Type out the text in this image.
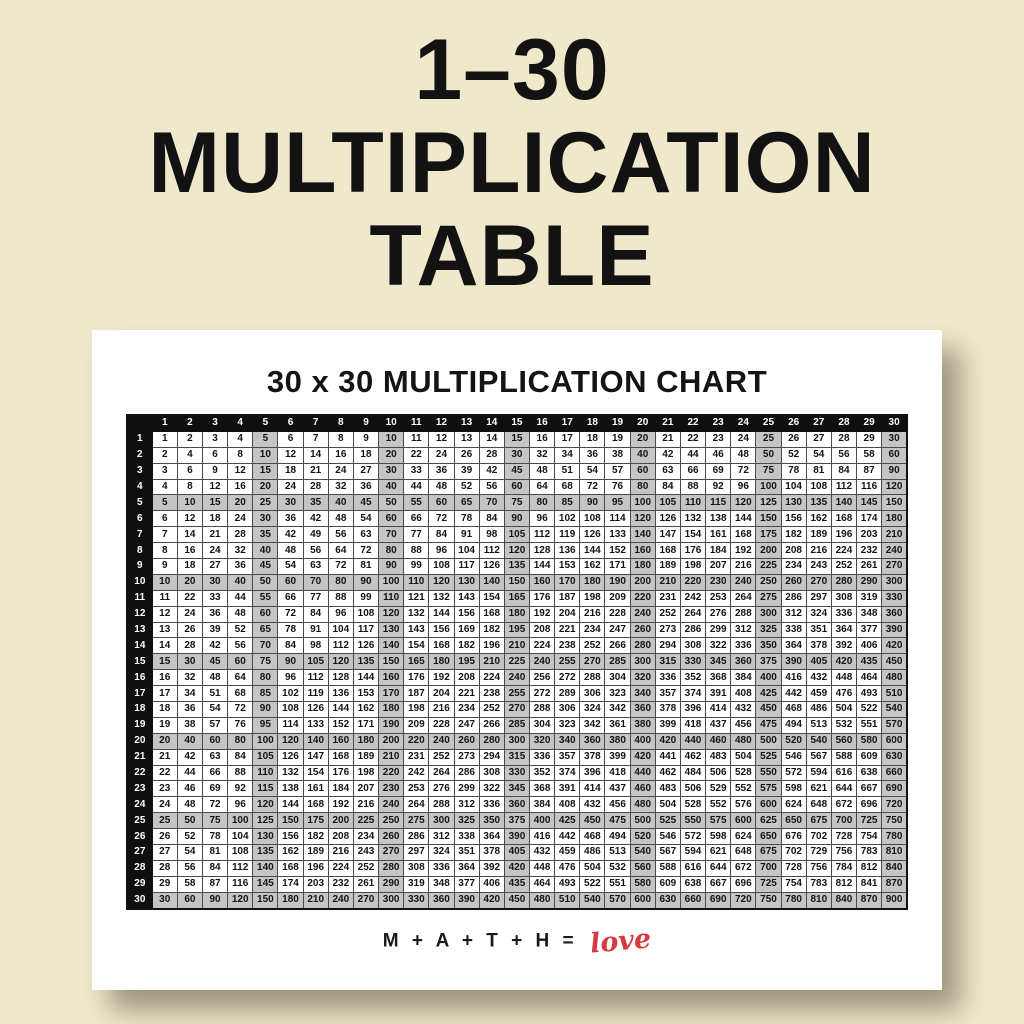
1–30
MULTIPLICATION
TABLE
30 x 30 MULTIPLICATION CHART
	1	2	3	4	5	6	7	8	9	10	11	12	13	14	15	16	17	18	19	20	21	22	23	24	25	26	27	28	29	30
1	1	2	3	4	5	6	7	8	9	10	11	12	13	14	15	16	17	18	19	20	21	22	23	24	25	26	27	28	29	30
2	2	4	6	8	10	12	14	16	18	20	22	24	26	28	30	32	34	36	38	40	42	44	46	48	50	52	54	56	58	60
3	3	6	9	12	15	18	21	24	27	30	33	36	39	42	45	48	51	54	57	60	63	66	69	72	75	78	81	84	87	90
4	4	8	12	16	20	24	28	32	36	40	44	48	52	56	60	64	68	72	76	80	84	88	92	96	100	104	108	112	116	120
5	5	10	15	20	25	30	35	40	45	50	55	60	65	70	75	80	85	90	95	100	105	110	115	120	125	130	135	140	145	150
6	6	12	18	24	30	36	42	48	54	60	66	72	78	84	90	96	102	108	114	120	126	132	138	144	150	156	162	168	174	180
7	7	14	21	28	35	42	49	56	63	70	77	84	91	98	105	112	119	126	133	140	147	154	161	168	175	182	189	196	203	210
8	8	16	24	32	40	48	56	64	72	80	88	96	104	112	120	128	136	144	152	160	168	176	184	192	200	208	216	224	232	240
9	9	18	27	36	45	54	63	72	81	90	99	108	117	126	135	144	153	162	171	180	189	198	207	216	225	234	243	252	261	270
10	10	20	30	40	50	60	70	80	90	100	110	120	130	140	150	160	170	180	190	200	210	220	230	240	250	260	270	280	290	300
11	11	22	33	44	55	66	77	88	99	110	121	132	143	154	165	176	187	198	209	220	231	242	253	264	275	286	297	308	319	330
12	12	24	36	48	60	72	84	96	108	120	132	144	156	168	180	192	204	216	228	240	252	264	276	288	300	312	324	336	348	360
13	13	26	39	52	65	78	91	104	117	130	143	156	169	182	195	208	221	234	247	260	273	286	299	312	325	338	351	364	377	390
14	14	28	42	56	70	84	98	112	126	140	154	168	182	196	210	224	238	252	266	280	294	308	322	336	350	364	378	392	406	420
15	15	30	45	60	75	90	105	120	135	150	165	180	195	210	225	240	255	270	285	300	315	330	345	360	375	390	405	420	435	450
16	16	32	48	64	80	96	112	128	144	160	176	192	208	224	240	256	272	288	304	320	336	352	368	384	400	416	432	448	464	480
17	17	34	51	68	85	102	119	136	153	170	187	204	221	238	255	272	289	306	323	340	357	374	391	408	425	442	459	476	493	510
18	18	36	54	72	90	108	126	144	162	180	198	216	234	252	270	288	306	324	342	360	378	396	414	432	450	468	486	504	522	540
19	19	38	57	76	95	114	133	152	171	190	209	228	247	266	285	304	323	342	361	380	399	418	437	456	475	494	513	532	551	570
20	20	40	60	80	100	120	140	160	180	200	220	240	260	280	300	320	340	360	380	400	420	440	460	480	500	520	540	560	580	600
21	21	42	63	84	105	126	147	168	189	210	231	252	273	294	315	336	357	378	399	420	441	462	483	504	525	546	567	588	609	630
22	22	44	66	88	110	132	154	176	198	220	242	264	286	308	330	352	374	396	418	440	462	484	506	528	550	572	594	616	638	660
23	23	46	69	92	115	138	161	184	207	230	253	276	299	322	345	368	391	414	437	460	483	506	529	552	575	598	621	644	667	690
24	24	48	72	96	120	144	168	192	216	240	264	288	312	336	360	384	408	432	456	480	504	528	552	576	600	624	648	672	696	720
25	25	50	75	100	125	150	175	200	225	250	275	300	325	350	375	400	425	450	475	500	525	550	575	600	625	650	675	700	725	750
26	26	52	78	104	130	156	182	208	234	260	286	312	338	364	390	416	442	468	494	520	546	572	598	624	650	676	702	728	754	780
27	27	54	81	108	135	162	189	216	243	270	297	324	351	378	405	432	459	486	513	540	567	594	621	648	675	702	729	756	783	810
28	28	56	84	112	140	168	196	224	252	280	308	336	364	392	420	448	476	504	532	560	588	616	644	672	700	728	756	784	812	840
29	29	58	87	116	145	174	203	232	261	290	319	348	377	406	435	464	493	522	551	580	609	638	667	696	725	754	783	812	841	870
30	30	60	90	120	150	180	210	240	270	300	330	360	390	420	450	480	510	540	570	600	630	660	690	720	750	780	810	840	870	900
M + A + T + H = love
